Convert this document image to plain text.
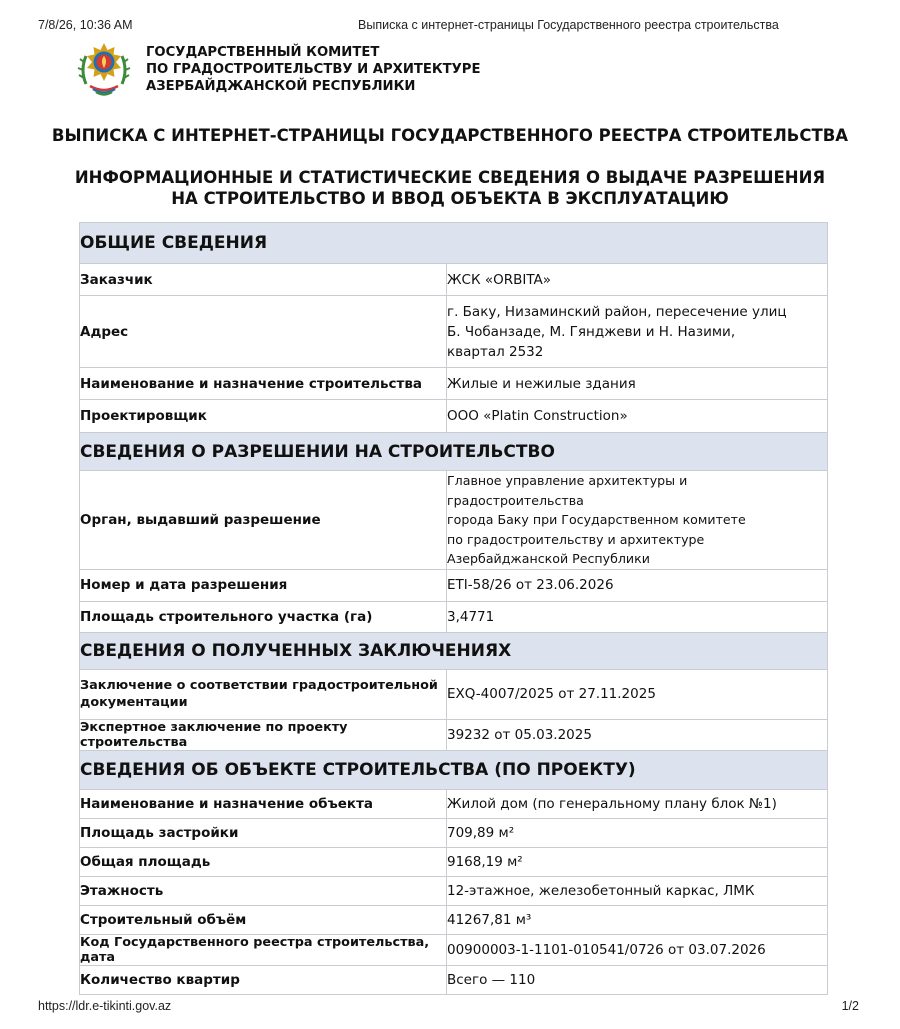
7/8/26, 10:36 AM	Выписка с интернет-страницы Государственного реестра строительства
ГОСУДАРСТВЕННЫЙ КОМИТЕТ
ПО ГРАДОСТРОИТЕЛЬСТВУ И АРХИТЕКТУРЕ
АЗЕРБАЙДЖАНСКОЙ РЕСПУБЛИКИ
ВЫПИСКА С ИНТЕРНЕТ-СТРАНИЦЫ ГОСУДАРСТВЕННОГО РЕЕСТРА СТРОИТЕЛЬСТВА
ИНФОРМАЦИОННЫЕ И СТАТИСТИЧЕСКИЕ СВЕДЕНИЯ О ВЫДАЧЕ РАЗРЕШЕНИЯ
НА СТРОИТЕЛЬСТВО И ВВОД ОБЪЕКТА В ЭКСПЛУАТАЦИЮ
ОБЩИЕ СВЕДЕНИЯ	
Заказчик	ЖСК «ORBITA»
Адрес	г. Баку, Низаминский район, пересечение улиц
Б. Чобанзаде, М. Гянджеви и Н. Назими,
квартал 2532

Наименование и назначение строительства	Жилые и нежилые здания
Проектировщик	ООО «Platin Construction»
СВЕДЕНИЯ О РАЗРЕШЕНИИ НА СТРОИТЕЛЬСТВО	
Орган, выдавший разрешение	Главное управление архитектуры и градостроительства
города Баку при Государственном комитете
по градостроительству и архитектуре
Азербайджанской Республики

Номер и дата разрешения	ETI-58/26 от 23.06.2026
Площадь строительного участка (га)	3,4771
СВЕДЕНИЯ О ПОЛУЧЕННЫХ ЗАКЛЮЧЕНИЯХ	

Заключение о соответствии градостроительной
документации	EXQ-4007/2025 от 27.11.2025
Экспертное заключение по проекту строительства	39232 от 05.03.2025
СВЕДЕНИЯ ОБ ОБЪЕКТЕ СТРОИТЕЛЬСТВА (ПО ПРОЕКТУ)	
Наименование и назначение объекта	Жилой дом (по генеральному плану блок №1)
Площадь застройки	709,89 м²
Общая площадь	9168,19 м²
Этажность	12-этажное, железобетонный каркас, ЛМК
Строительный объём	41267,81 м³
Код Государственного реестра строительства, дата	00900003-1-1101-010541/0726 от 03.07.2026
Количество квартир	Всего — 110
https://ldr.e-tikinti.gov.az	1/2
